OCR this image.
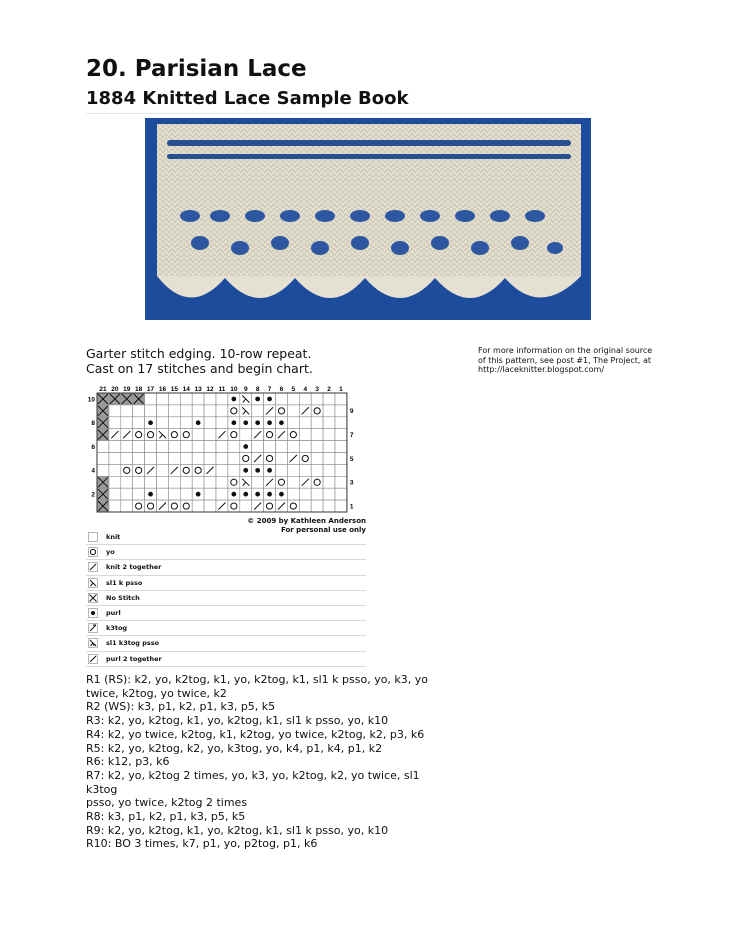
20. Parisian Lace
1884 Knitted Lace Sample Book
Garter stitch edging. 10-row repeat.
Cast on 17 stitches and begin chart.
For more information on the original source
of this pattern, see post #1, The Project, at
http://laceknitter.blogspot.com/
21 20 19 18 17 16 15 14 13 12 11 10 9 8 7 6 5 4 3 2 1
10
9
8
7
6
5
4
3
2
1
© 2009 by Kathleen Anderson
For personal use only
knit
yo
knit 2 together
sl1 k psso
No Stitch
purl
k3tog
sl1 k3tog psso
purl 2 together
R1 (RS): k2, yo, k2tog, k1, yo, k2tog, k1, sl1 k psso, yo, k3, yo
twice, k2tog, yo twice, k2
R2 (WS): k3, p1, k2, p1, k3, p5, k5
R3: k2, yo, k2tog, k1, yo, k2tog, k1, sl1 k psso, yo, k10
R4: k2, yo twice, k2tog, k1, k2tog, yo twice, k2tog, k2, p3, k6
R5: k2, yo, k2tog, k2, yo, k3tog, yo, k4, p1, k4, p1, k2
R6: k12, p3, k6
R7: k2, yo, k2tog 2 times, yo, k3, yo, k2tog, k2, yo twice, sl1 k3tog
psso, yo twice, k2tog 2 times
R8: k3, p1, k2, p1, k3, p5, k5
R9: k2, yo, k2tog, k1, yo, k2tog, k1, sl1 k psso, yo, k10
R10: BO 3 times, k7, p1, yo, p2tog, p1, k6
